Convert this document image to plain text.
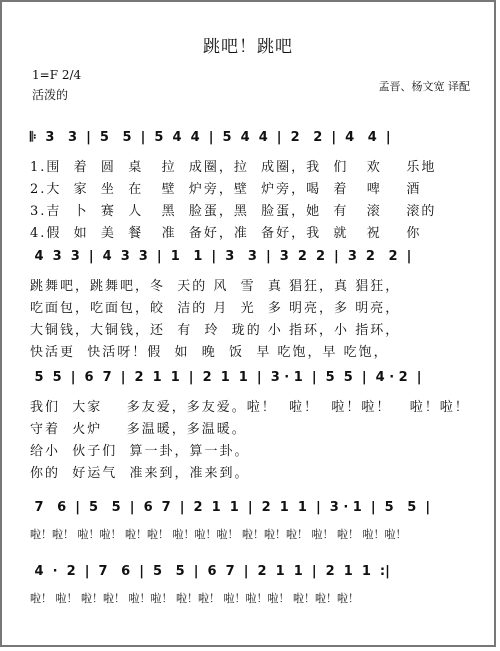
跳吧！跳吧
1=F 2/4
活泼的
孟晋、杨文宽 译配
𝄆  3   3  |  5   5  |  5  4  4  |  5  4  4  |  2   2  |  4   4  |
1.围  着  圆  桌   拉  成圈，拉  成圈，我  们   欢    乐地
2.大  家  坐  在   壁  炉旁，壁  炉旁，喝  着   啤    酒
3.吉  卜  赛  人   黑  脸蛋，黑  脸蛋，她  有   滚    滚的
4.假  如  美  餐   准  备好，准  备好，我  就   祝    你
4  3  3  |  4  3  3  |  1   1  |  3   3  |  3  2  2  |  3  2   2  |
跳舞吧，跳舞吧，冬  天的 风  雪  真 猖狂，真 猖狂，
吃面包，吃面包，皎  洁的 月  光  多 明亮，多 明亮，
大铜钱，大铜钱，还  有  玲  珑的 小 指环，小 指环，
快活更  快活呀！假  如  晚  饭  早 吃饱，早 吃饱，
5  5  |  6  7  |  2  1  1  |  2  1  1  |  3 · 1  |  5  5  |  4 · 2  |
我们  大家    多友爱，多友爱。啦！  啦！  啦！啦！   啦！啦！
守着  火炉    多温暖，多温暖。
给小  伙子们  算一卦，算一卦。
你的  好运气  准来到，准来到。
7   6  |  5   5  |  6  7  |  2  1  1  |  2  1  1  |  3 · 1  |  5   5  |
啦！啦！ 啦！啦！ 啦！啦！ 啦！啦！啦！ 啦！啦！啦！ 啦！ 啦！ 啦！啦！
4  ·  2  |  7   6  |  5   5  |  6  7  |  2  1  1  |  2  1  1  :|
啦！ 啦！ 啦！啦！ 啦！啦！ 啦！啦！ 啦！啦！啦！ 啦！啦！啦！
